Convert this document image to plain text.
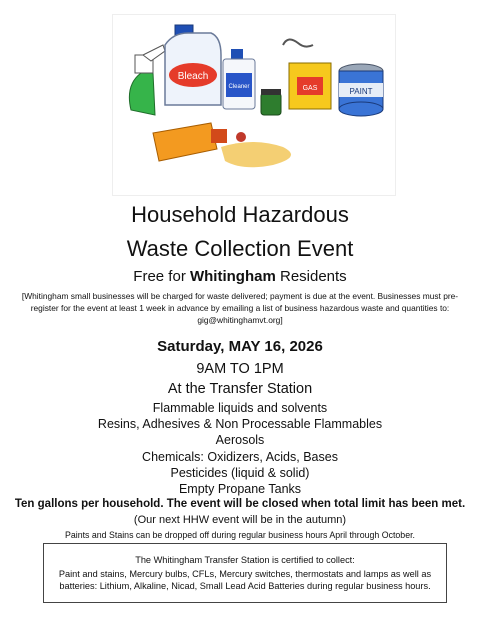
Bleach
Cleaner	GAS	PAINT
Household Hazardous
Waste Collection Event
Free for Whitingham Residents
[Whitingham small businesses will be charged for waste delivered; payment is due at the event. Businesses must pre-register for the event at least 1 week in advance by emailing a list of business hazardous waste and quantities to: gig@whitinghamvt.org]
Saturday, MAY 16, 2026
9AM TO 1PM
At the Transfer Station
Flammable liquids and solvents
Resins, Adhesives & Non Processable Flammables
Aerosols
Chemicals: Oxidizers, Acids, Bases
Pesticides (liquid & solid)
Empty Propane Tanks
Ten gallons per household. The event will be closed when total limit has been met.
(Our next HHW event will be in the autumn)
Paints and Stains can be dropped off during regular business hours April through October.
The Whitingham Transfer Station is certified to collect:
Paint and stains, Mercury bulbs, CFLs, Mercury switches, thermostats and lamps as well as
batteries: Lithium, Alkaline, Nicad, Small Lead Acid Batteries during regular business hours.
